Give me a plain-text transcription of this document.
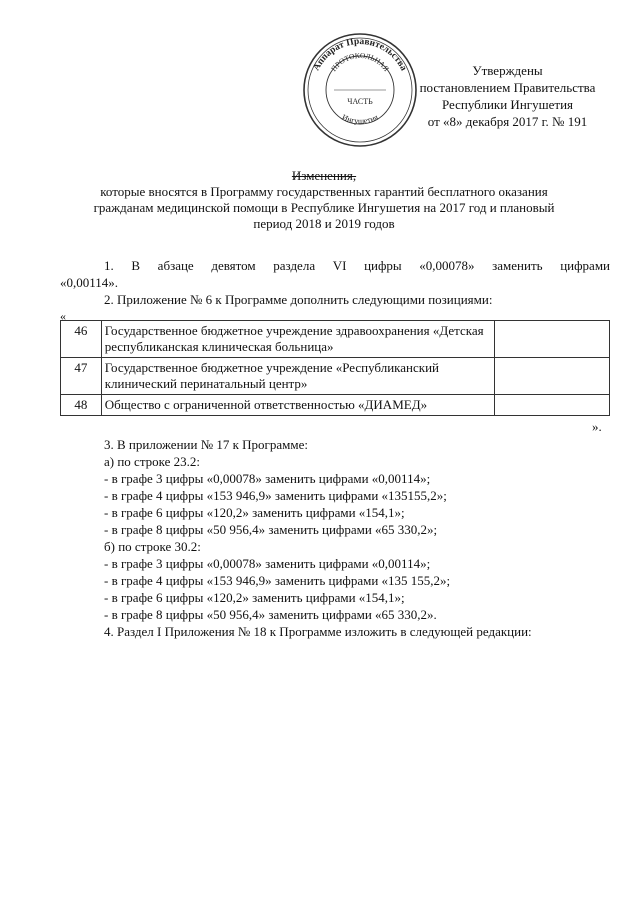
Аппарат Правительства
Ингушетия
ПРОТОКОЛЬНАЯ
ЧАСТЬ
Утверждены
постановлением Правительства
Республики Ингушетия
от «8» декабря 2017 г. № 191
Изменения,
которые вносятся в Программу государственных гарантий бесплатного оказания
гражданам медицинской помощи в Республике Ингушетия на 2017 год и плановый
период 2018 и 2019 годов
1. В абзаце девятом раздела VI цифры «0,00078» заменить цифрами
«0,00114».
2. Приложение № 6 к Программе дополнить следующими позициями:
«
46	Государственное бюджетное учреждение здравоохранения «Детская республиканская клиническая больница»	
47	Государственное бюджетное учреждение «Республиканский клинический перинатальный центр»	
48	Общество с ограниченной ответственностью «ДИАМЕД»	
».
3. В приложении № 17 к Программе:
а) по строке 23.2:
- в графе 3 цифры «0,00078» заменить цифрами «0,00114»;
- в графе 4 цифры «153 946,9» заменить цифрами «135155,2»;
- в графе 6 цифры «120,2» заменить цифрами «154,1»;
- в графе 8 цифры «50 956,4» заменить цифрами «65 330,2»;
б) по строке 30.2:
- в графе 3 цифры «0,00078» заменить цифрами «0,00114»;
- в графе 4 цифры «153 946,9» заменить цифрами «135 155,2»;
- в графе 6 цифры «120,2» заменить цифрами «154,1»;
- в графе 8 цифры «50 956,4» заменить цифрами «65 330,2».
4. Раздел I Приложения № 18 к Программе изложить в следующей редакции:
